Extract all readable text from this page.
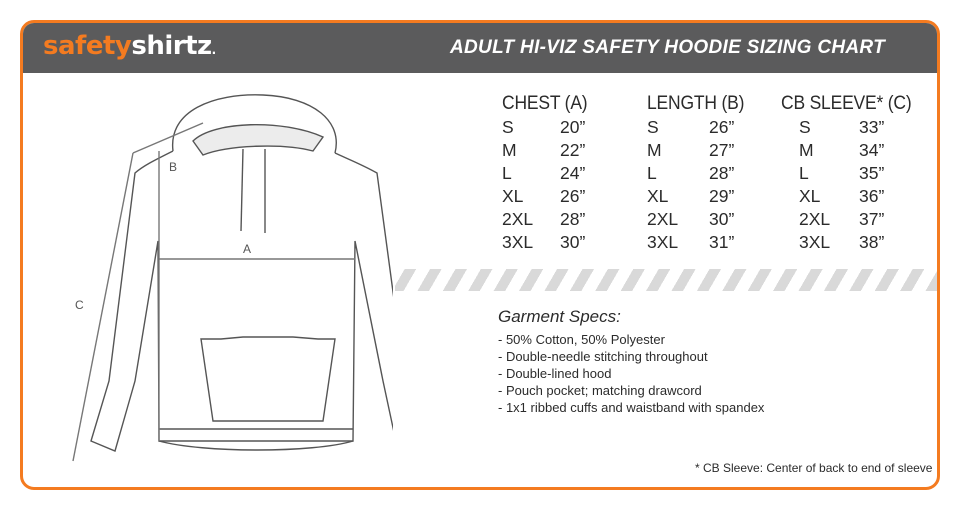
safetyshirtz.	ADULT HI-VIZ SAFETY HOODIE SIZING CHART
A
B
C
CHEST (A)
S	20”
M 22”
L	24”
XL 26”
2XL 28”
3XL 30”
LENGTH (B)
S	26”
M	27”
L	28”
XL 29”
2XL 30”
3XL 31”
CB SLEEVE* (C)
S	33”
M	34”
L	35”
XL 36”
2XL 37”
3XL 38”
Garment Specs:
- 50% Cotton, 50% Polyester
- Double-needle stitching throughout
- Double-lined hood
- Pouch pocket; matching drawcord
- 1x1 ribbed cuffs and waistband with spandex
* CB Sleeve: Center of back to end of sleeve
